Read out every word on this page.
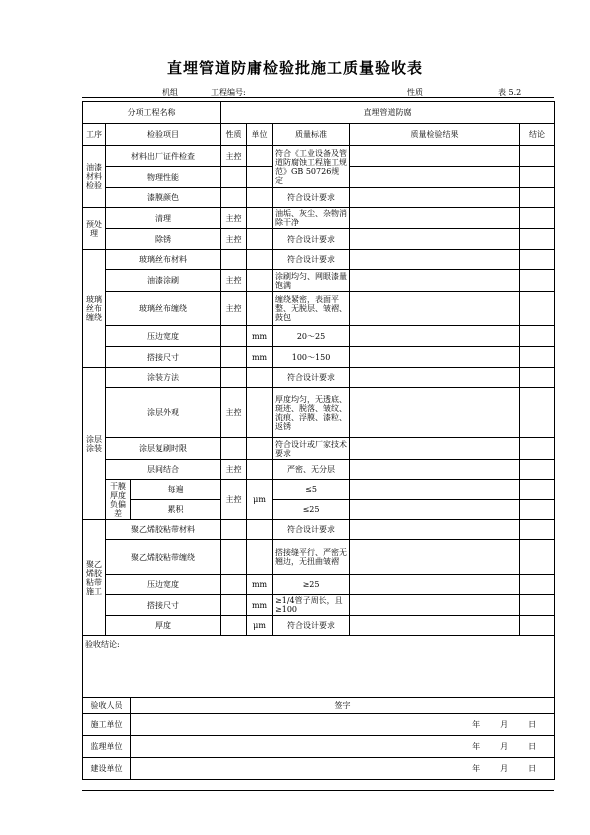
直埋管道防庸检验批施工质量验收表
机组	工程编号:	性质	表 5.2
分项工程名称			直埋管道防腐				
工序	检验项目		性质	单位	质量标准	质量检验结果	结论
油漆材料检验	材料出厂证件检查		主控		符合《工业设备及管道防腐蚀工程施工规范》GB 50726规定		
	物理性能						
	漆膜颜色				符合设计要求		
预处理	清理		主控		油垢、灰尘、杂物消除干净		
	除锈		主控		符合设计要求		
玻璃丝布缠绕	玻璃丝布材料				符合设计要求		
	油漆涂刷		主控		涂刷均匀、网眼漆量饱满		
	玻璃丝布缠绕		主控		缠绕紧密，表面平整、无脱层、皱褶、鼓包		
	压边宽度			mm	20～25		
	搭接尺寸			mm	100～150		
涂层涂装	涂装方法				符合设计要求		
	涂层外观		主控		厚度均匀，无透底、斑迹、脱落、皱纹、流痕、浮膜、漆粒、返锈		
	涂层复刷时限				符合设计或厂家技术要求		
	层间结合		主控		严密、无分层		
	干膜厚度负偏差	每遍	主控	μm	≤5		
		累积			≤25		
聚乙烯胶粘带施工	聚乙烯胶粘带材料				符合设计要求		
	聚乙烯胶粘带缠绕				搭接缝平行、严密无翘边，无扭曲皱褶		
	压边宽度			mm	≥25		
	搭接尺寸			mm	≥1/4管子周长，且≥100		
	厚度			μm	符合设计要求		
验收结论:							
验收人员		签字					
施工单位		年 月 日					
监理单位		年 月 日					
建设单位		年 月 日					
